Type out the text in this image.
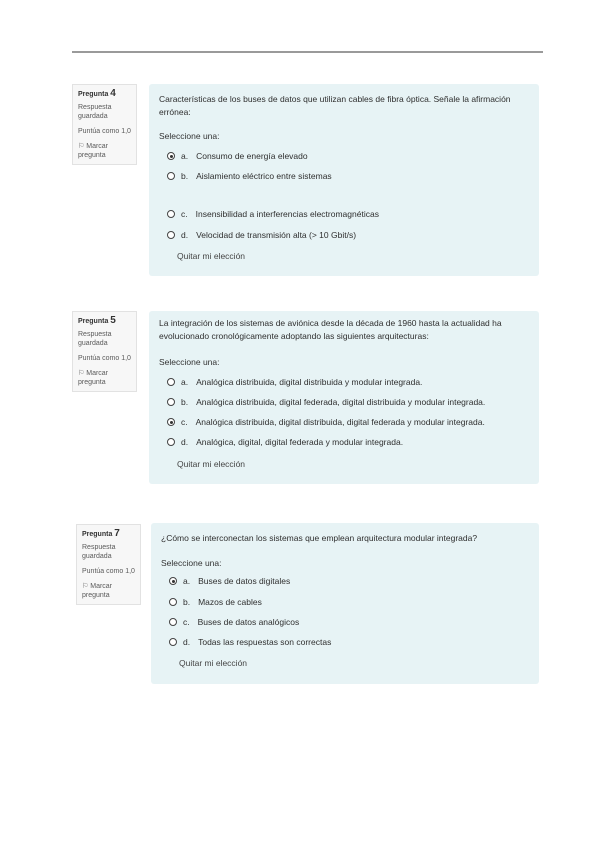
Pregunta 4
Respuesta guardada
Puntúa como 1,0
⚐ Marcar pregunta
Características de los buses de datos que utilizan cables de fibra óptica. Señale la afirmación errónea:
Seleccione una:
a. Consumo de energía elevado
b. Aislamiento eléctrico entre sistemas
c. Insensibilidad a interferencias electromagnéticas
d. Velocidad de transmisión alta (> 10 Gbit/s)
Quitar mi elección
Pregunta 5
Respuesta guardada
Puntúa como 1,0
⚐ Marcar pregunta
La integración de los sistemas de aviónica desde la década de 1960 hasta la actualidad ha evolucionado cronológicamente adoptando las siguientes arquitecturas:
Seleccione una:
a. Analógica distribuida, digital distribuida y modular integrada.
b. Analógica distribuida, digital federada, digital distribuida y modular integrada.
c. Analógica distribuida, digital distribuida, digital federada y modular integrada.
d. Analógica, digital, digital federada y modular integrada.
Quitar mi elección
Pregunta 7
Respuesta guardada
Puntúa como 1,0
⚐ Marcar pregunta
¿Cómo se interconectan los sistemas que emplean arquitectura modular integrada?
Seleccione una:
a. Buses de datos digitales
b. Mazos de cables
c. Buses de datos analógicos
d. Todas las respuestas son correctas
Quitar mi elección
